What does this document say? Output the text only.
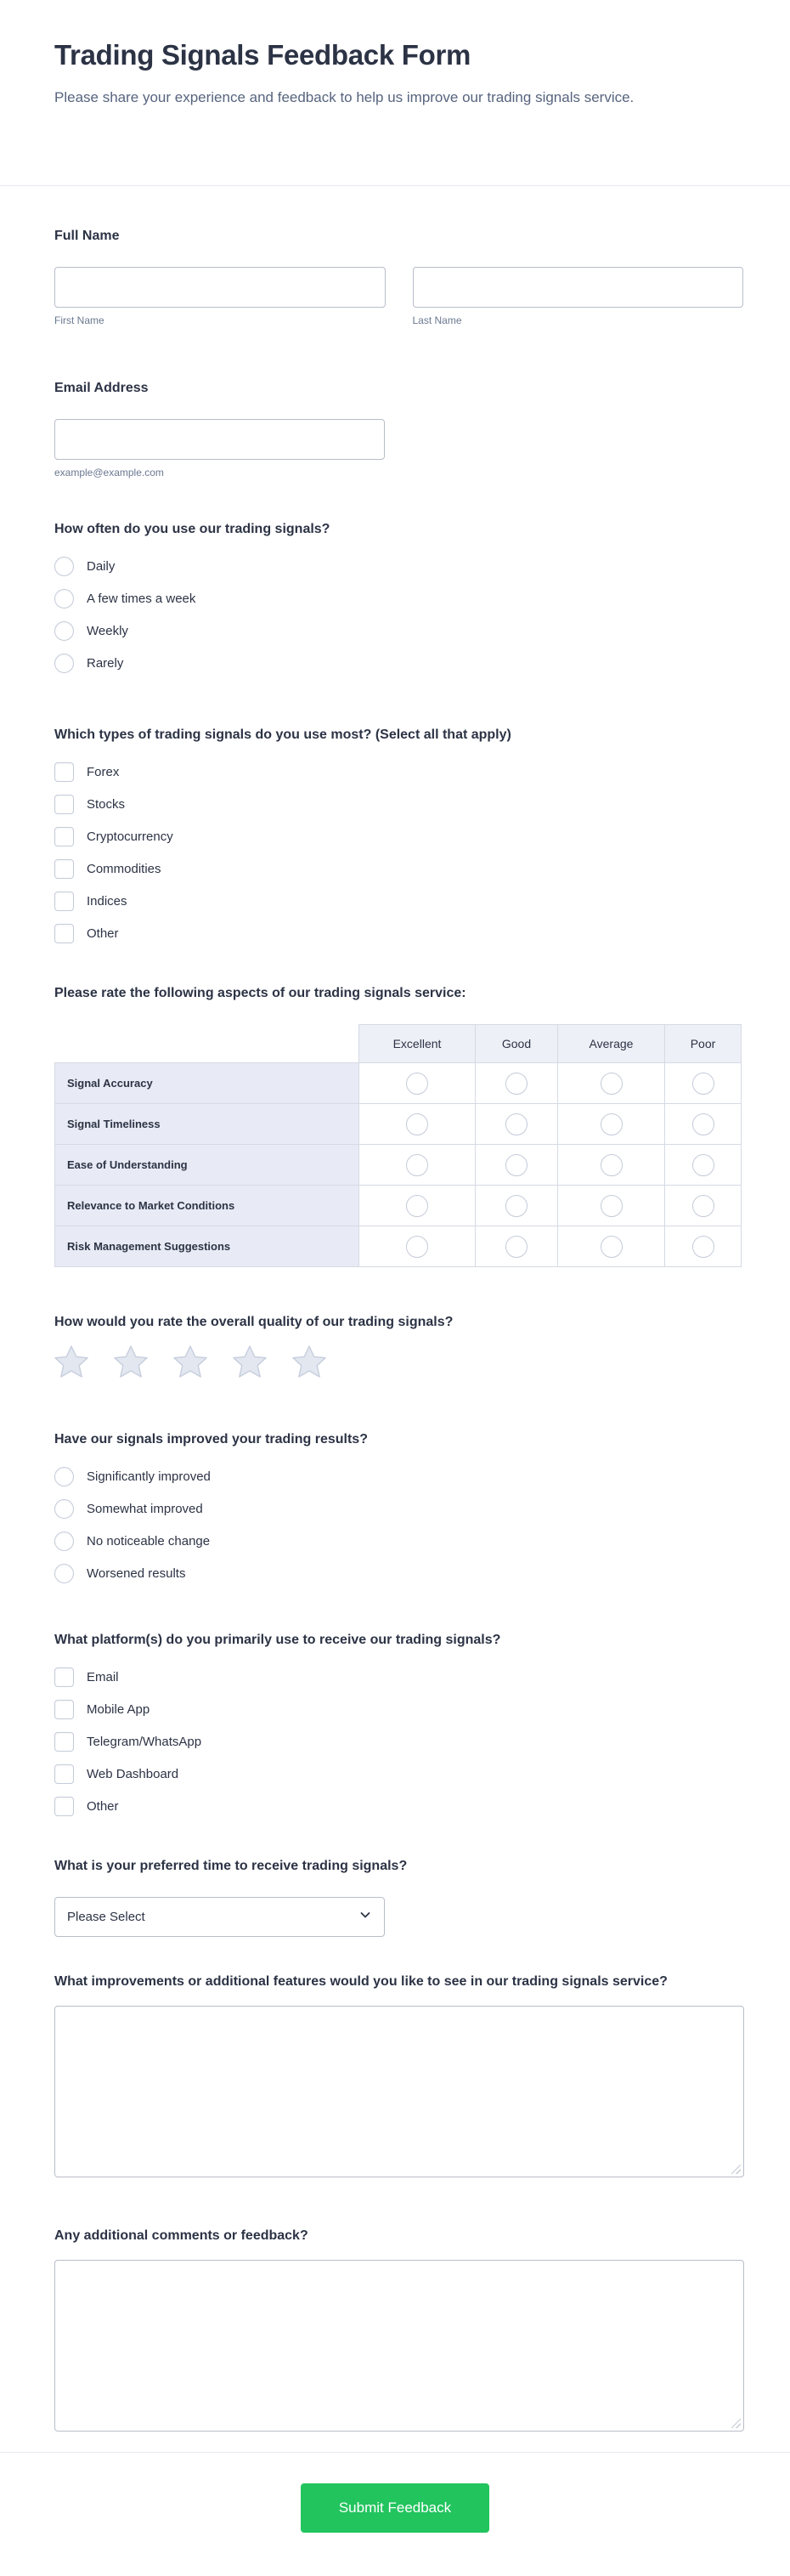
Trading Signals Feedback Form
Please share your experience and feedback to help us improve our trading signals service.
Full Name
First Name	Last Name
Email Address
example@example.com
How often do you use our trading signals?
Daily
A few times a week
Weekly
Rarely
Which types of trading signals do you use most? (Select all that apply)
Forex
Stocks
Cryptocurrency
Commodities
Indices
Other
Please rate the following aspects of our trading signals service:
	Excellent	Good	Average	Poor
Signal Accuracy				
Signal Timeliness				
Ease of Understanding				
Relevance to Market Conditions				
Risk Management Suggestions				
How would you rate the overall quality of our trading signals?
Have our signals improved your trading results?
Significantly improved
Somewhat improved
No noticeable change
Worsened results
What platform(s) do you primarily use to receive our trading signals?
Email
Mobile App
Telegram/WhatsApp
Web Dashboard
Other
What is your preferred time to receive trading signals?
Please Select
What improvements or additional features would you like to see in our trading signals service?
Any additional comments or feedback?
Submit Feedback
